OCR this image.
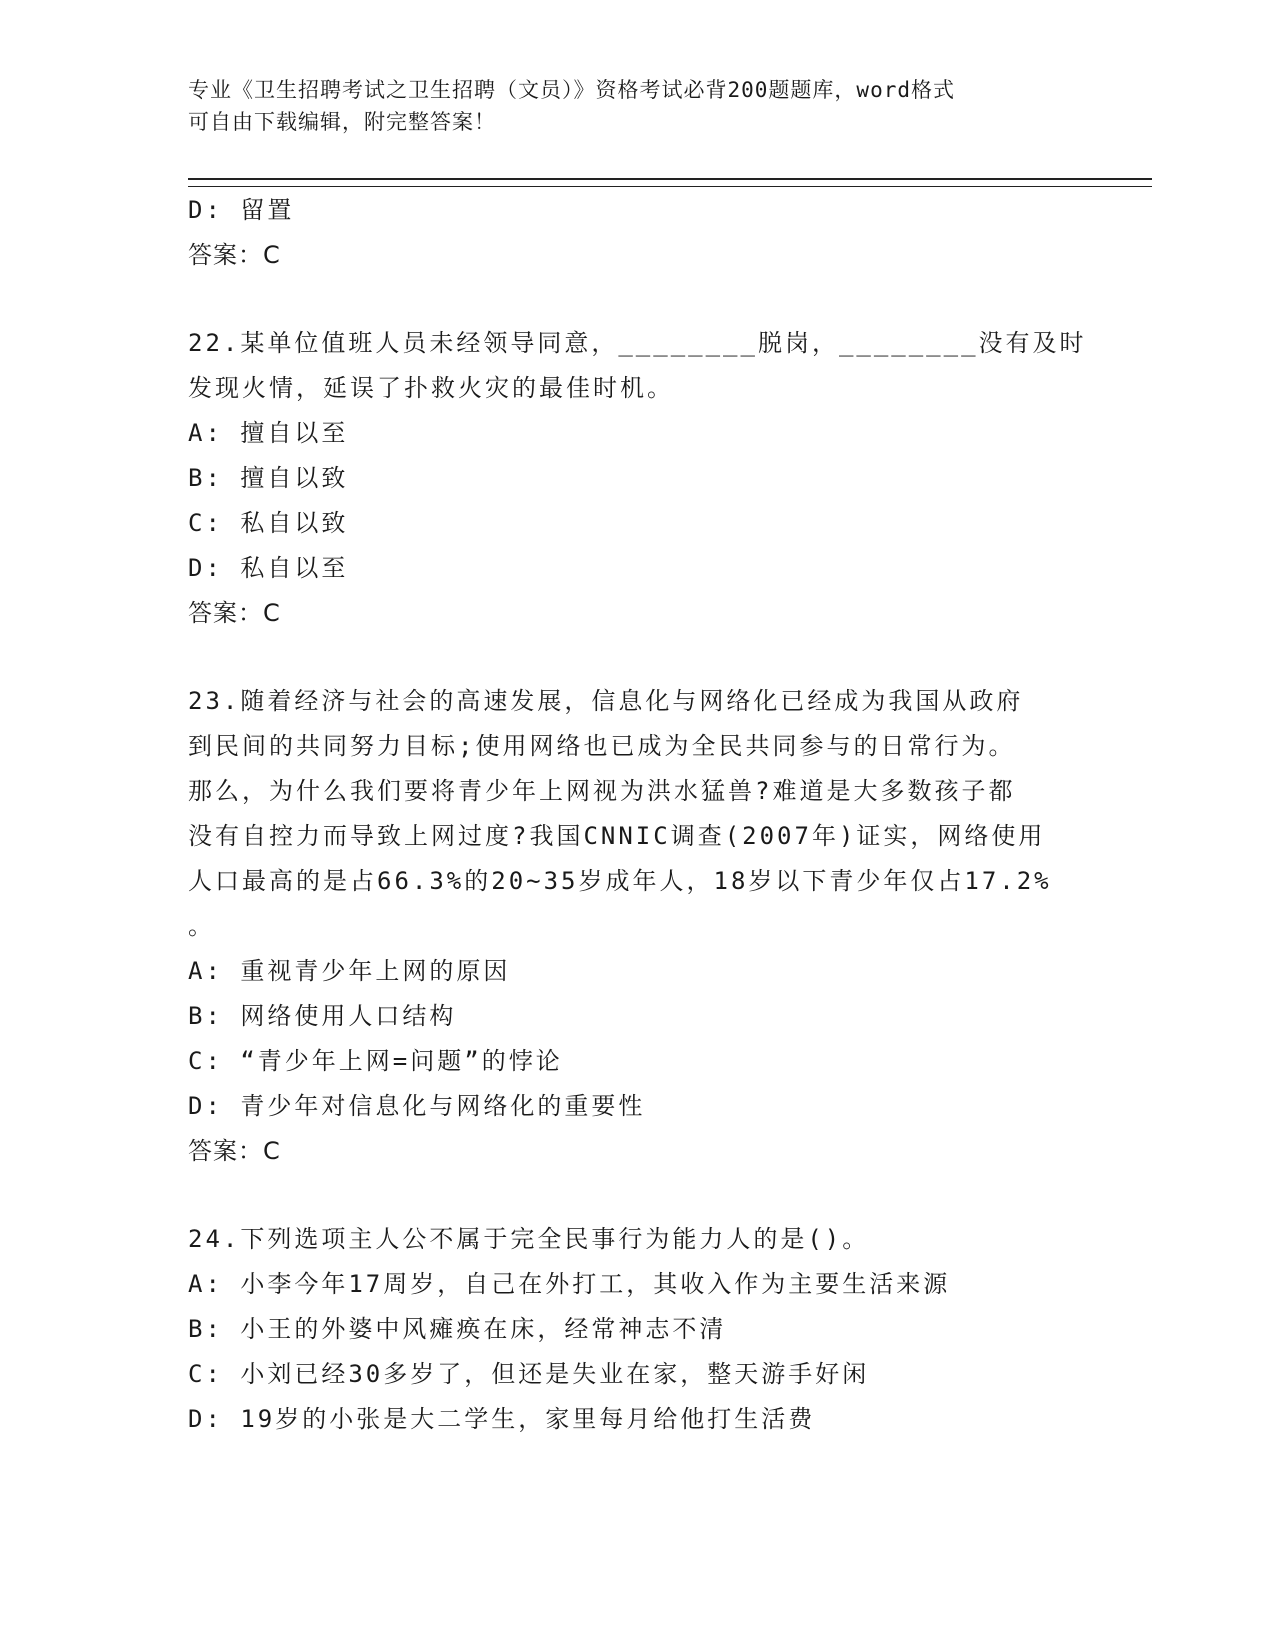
专业《卫生招聘考试之卫生招聘（文员）》资格考试必背200题题库，word格式
可自由下载编辑，附完整答案！
D: 留置
答案：C
22.某单位值班人员未经领导同意，________脱岗，________没有及时
发现火情，延误了扑救火灾的最佳时机。
A: 擅自以至
B: 擅自以致
C: 私自以致
D: 私自以至
答案：C
23.随着经济与社会的高速发展，信息化与网络化已经成为我国从政府
到民间的共同努力目标;使用网络也已成为全民共同参与的日常行为。
那么，为什么我们要将青少年上网视为洪水猛兽?难道是大多数孩子都
没有自控力而导致上网过度?我国CNNIC调查(2007年)证实，网络使用
人口最高的是占66.3%的20~35岁成年人，18岁以下青少年仅占17.2%
。
A: 重视青少年上网的原因
B: 网络使用人口结构
C: “青少年上网=问题”的悖论
D: 青少年对信息化与网络化的重要性
答案：C
24.下列选项主人公不属于完全民事行为能力人的是()。
A: 小李今年17周岁，自己在外打工，其收入作为主要生活来源
B: 小王的外婆中风瘫痪在床，经常神志不清
C: 小刘已经30多岁了，但还是失业在家，整天游手好闲
D: 19岁的小张是大二学生，家里每月给他打生活费
